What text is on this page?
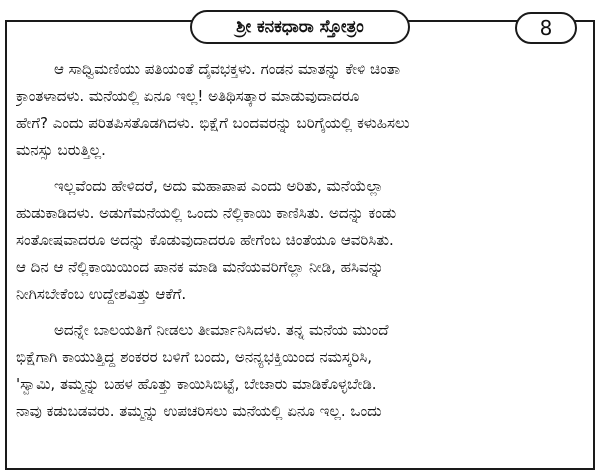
ಶ್ರೀ ಕನಕಧಾರಾ ಸ್ತೋತ್ರಂ	8
ಆ ಸಾಧ್ವಿಮಣಿಯು ಪತಿಯಂತೆ ದೈವಭಕ್ತಳು. ಗಂಡನ ಮಾತನ್ನು ಕೇಳಿ ಚಿಂತಾ
ಕ್ರಾಂತಳಾದಳು. ಮನೆಯಲ್ಲಿ ಏನೂ ಇಲ್ಲ! ಅತಿಥಿಸತ್ಕಾರ ಮಾಡುವುದಾದರೂ
ಹೇಗೆ? ಎಂದು ಪರಿತಪಿಸತೊಡಗಿದಳು. ಭಿಕ್ಷೆಗೆ ಬಂದವರನ್ನು ಬರಿಗೈಯಲ್ಲಿ ಕಳುಹಿಸಲು
ಮನಸ್ಸು ಬರುತ್ತಿಲ್ಲ.
ಇಲ್ಲವೆಂದು ಹೇಳಿದರೆ, ಅದು ಮಹಾಪಾಪ ಎಂದು ಅರಿತು, ಮನೆಯೆಲ್ಲಾ
ಹುಡುಕಾಡಿದಳು. ಅಡುಗೆಮನೆಯಲ್ಲಿ ಒಂದು ನೆಲ್ಲಿಕಾಯಿ ಕಾಣಿಸಿತು. ಅದನ್ನು ಕಂಡು
ಸಂತೋಷವಾದರೂ ಅದನ್ನು ಕೊಡುವುದಾದರೂ ಹೇಗೆಂಬ ಚಿಂತೆಯೂ ಆವರಿಸಿತು.
ಆ ದಿನ ಆ ನೆಲ್ಲಿಕಾಯಿಯಿಂದ ಪಾನಕ ಮಾಡಿ ಮನೆಯವರಿಗೆಲ್ಲಾ ನೀಡಿ, ಹಸಿವನ್ನು
ನೀಗಿಸಬೇಕೆಂಬ ಉದ್ದೇಶವಿತ್ತು ಆಕೆಗೆ.
ಅದನ್ನೇ ಬಾಲಯತಿಗೆ ನೀಡಲು ತೀರ್ಮಾನಿಸಿದಳು. ತನ್ನ ಮನೆಯ ಮುಂದೆ
ಭಿಕ್ಷೆಗಾಗಿ ಕಾಯುತ್ತಿದ್ದ ಶಂಕರರ ಬಳಿಗೆ ಬಂದು, ಅನನ್ಯಭಕ್ತಿಯಿಂದ ನಮಸ್ಕರಿಸಿ,
'ಸ್ವಾಮಿ, ತಮ್ಮನ್ನು ಬಹಳ ಹೊತ್ತು ಕಾಯಿಸಿಬಿಟ್ಟೆ, ಬೇಜಾರು ಮಾಡಿಕೊಳ್ಳಬೇಡಿ.
ನಾವು ಕಡುಬಡವರು. ತಮ್ಮನ್ನು ಉಪಚರಿಸಲು ಮನೆಯಲ್ಲಿ ಏನೂ ಇಲ್ಲ. ಒಂದು
